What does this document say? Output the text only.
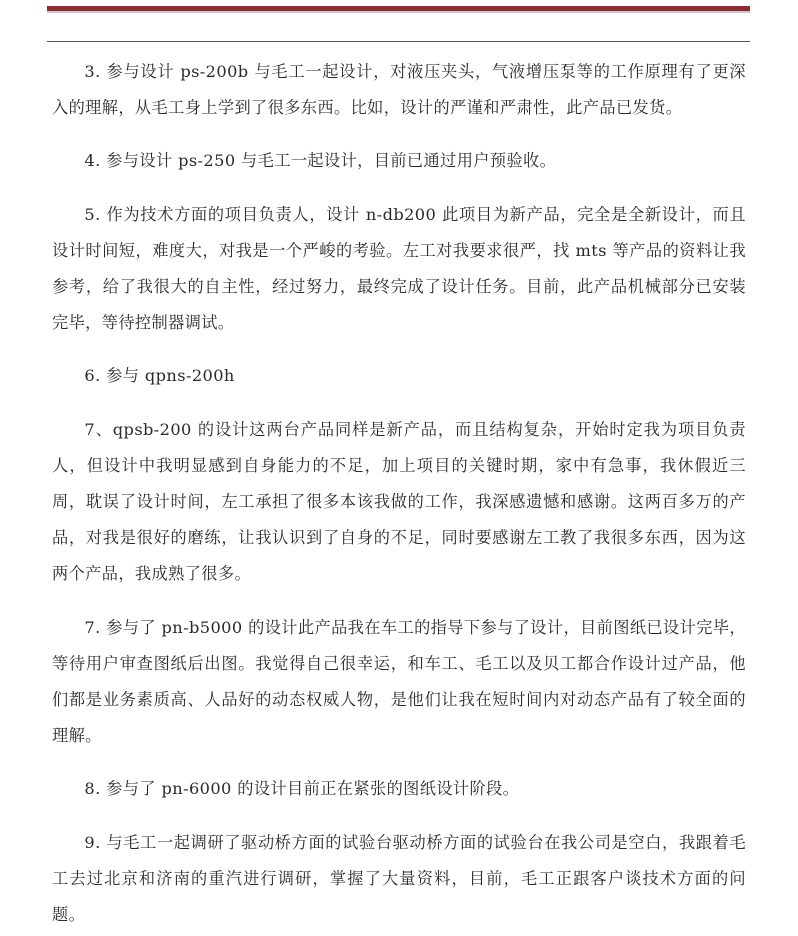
3. 参与设计 ps-200b 与毛工一起设计，对液压夹头，气液增压泵等的工作原理有了更深入的理解，从毛工身上学到了很多东西。比如，设计的严谨和严肃性，此产品已发货。

4. 参与设计 ps-250 与毛工一起设计，目前已通过用户预验收。

5. 作为技术方面的项目负责人，设计 n-db200 此项目为新产品，完全是全新设计，而且设计时间短，难度大，对我是一个严峻的考验。左工对我要求很严，找 mts 等产品的资料让我参考，给了我很大的自主性，经过努力，最终完成了设计任务。目前，此产品机械部分已安装完毕，等待控制器调试。

6. 参与 qpns-200h

7、qpsb-200 的设计这两台产品同样是新产品，而且结构复杂，开始时定我为项目负责人，但设计中我明显感到自身能力的不足，加上项目的关键时期，家中有急事，我休假近三周，耽误了设计时间，左工承担了很多本该我做的工作，我深感遗憾和感谢。这两百多万的产品，对我是很好的磨练，让我认识到了自身的不足，同时要感谢左工教了我很多东西，因为这两个产品，我成熟了很多。

7. 参与了 pn-b5000 的设计此产品我在车工的指导下参与了设计，目前图纸已设计完毕，等待用户审查图纸后出图。我觉得自己很幸运，和车工、毛工以及贝工都合作设计过产品，他们都是业务素质高、人品好的动态权威人物，是他们让我在短时间内对动态产品有了较全面的理解。

8. 参与了 pn-6000 的设计目前正在紧张的图纸设计阶段。

9. 与毛工一起调研了驱动桥方面的试验台驱动桥方面的试验台在我公司是空白，我跟着毛工去过北京和济南的重汽进行调研，掌握了大量资料，目前，毛工正跟客户谈技术方面的问题。
